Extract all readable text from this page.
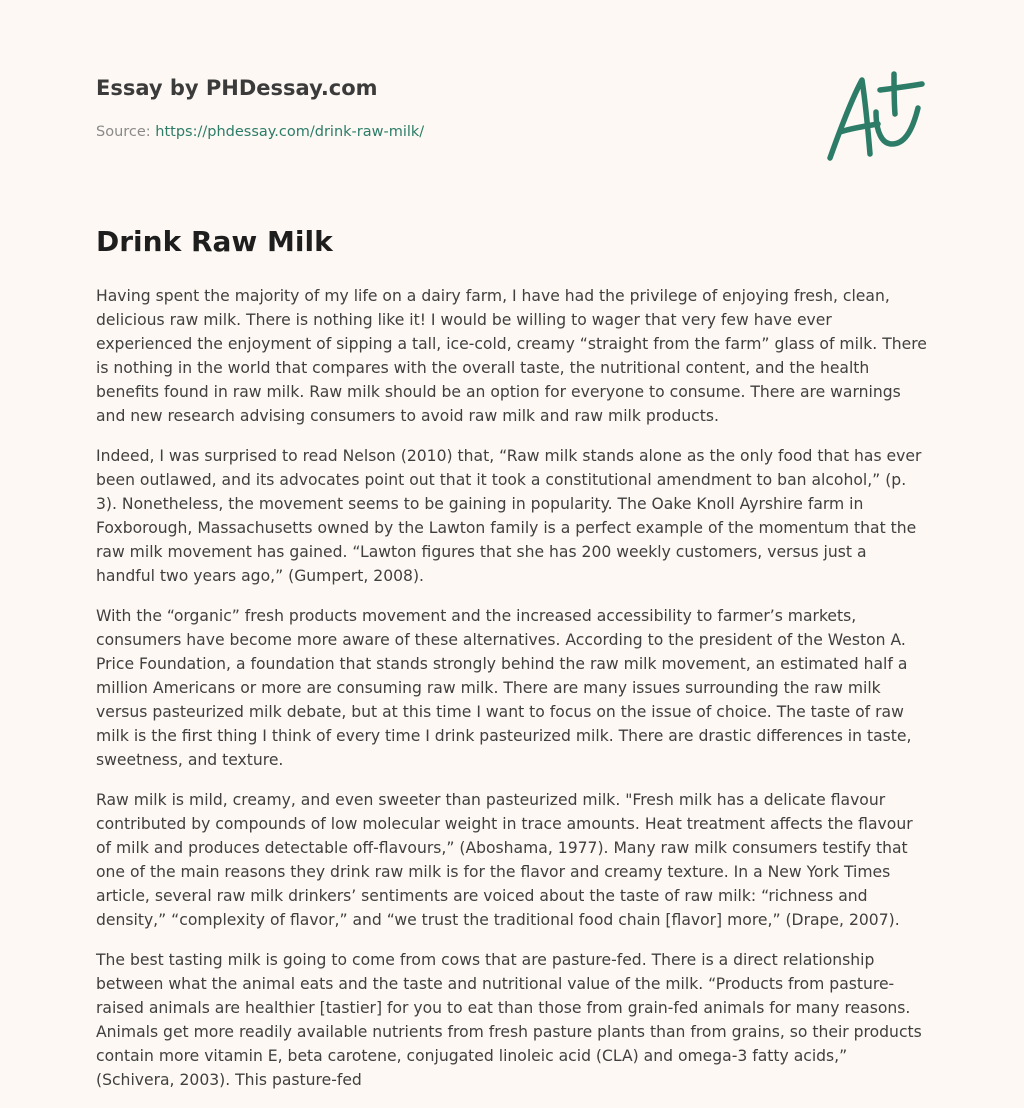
Essay by PHDessay.com

Source: https://phdessay.com/drink-raw-milk/

Drink Raw Milk

Having spent the majority of my life on a dairy farm, I have had the privilege of enjoying fresh, clean, delicious raw milk. There is nothing like it! I would be willing to wager that very few have ever experienced the enjoyment of sipping a tall, ice-cold, creamy “straight from the farm” glass of milk. There is nothing in the world that compares with the overall taste, the nutritional content, and the health benefits found in raw milk. Raw milk should be an option for everyone to consume. There are warnings and new research advising consumers to avoid raw milk and raw milk products.

Indeed, I was surprised to read Nelson (2010) that, “Raw milk stands alone as the only food that has ever been outlawed, and its advocates point out that it took a constitutional amendment to ban alcohol,” (p. 3). Nonetheless, the movement seems to be gaining in popularity. The Oake Knoll Ayrshire farm in Foxborough, Massachusetts owned by the Lawton family is a perfect example of the momentum that the raw milk movement has gained. “Lawton figures that she has 200 weekly customers, versus just a handful two years ago,” (Gumpert, 2008).

With the “organic” fresh products movement and the increased accessibility to farmer’s markets, consumers have become more aware of these alternatives. According to the president of the Weston A. Price Foundation, a foundation that stands strongly behind the raw milk movement, an estimated half a million Americans or more are consuming raw milk. There are many issues surrounding the raw milk versus pasteurized milk debate, but at this time I want to focus on the issue of choice. The taste of raw milk is the first thing I think of every time I drink pasteurized milk. There are drastic differences in taste, sweetness, and texture.

Raw milk is mild, creamy, and even sweeter than pasteurized milk. "Fresh milk has a delicate flavour contributed by compounds of low molecular weight in trace amounts. Heat treatment affects the flavour of milk and produces detectable off-flavours,” (Aboshama, 1977). Many raw milk consumers testify that one of the main reasons they drink raw milk is for the flavor and creamy texture. In a New York Times article, several raw milk drinkers’ sentiments are voiced about the taste of raw milk: “richness and density,” “complexity of flavor,” and “we trust the traditional food chain [flavor] more,” (Drape, 2007).

The best tasting milk is going to come from cows that are pasture-fed. There is a direct relationship between what the animal eats and the taste and nutritional value of the milk. “Products from pasture-raised animals are healthier [tastier] for you to eat than those from grain-fed animals for many reasons. Animals get more readily available nutrients from fresh pasture plants than from grains, so their products contain more vitamin E, beta carotene, conjugated linoleic acid (CLA) and omega-3 fatty acids,” (Schivera, 2003). This pasture-fed
